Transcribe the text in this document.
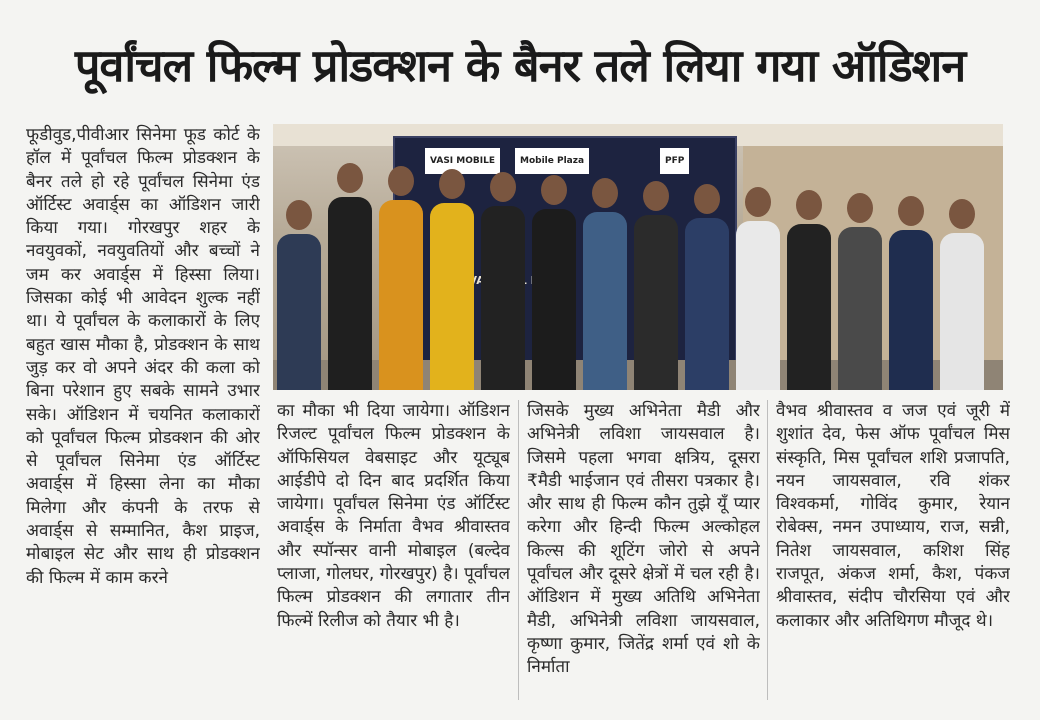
पूर्वांचल फिल्म प्रोडक्शन के बैनर तले लिया गया ऑडिशन
फूडीवुड,पीवीआर सिनेमा फूड कोर्ट के हॉल में पूर्वांचल फिल्म प्रोडक्शन के बैनर तले हो रहे पूर्वांचल सिनेमा एंड ऑर्टिस्ट अवार्ड्स का ऑडिशन जारी किया गया। गोरखपुर शहर के नवयुवकों, नवयुवतियों और बच्चों ने जम कर अवार्ड्स में हिस्सा लिया। जिसका कोई भी आवेदन शुल्क नहीं था। ये पूर्वांचल के कलाकारों के लिए बहुत खास मौका है, प्रोडक्शन के साथ जुड़ कर वो अपने अंदर की कला को बिना परेशान हुए सबके सामने उभार सके। ऑडिशन में चयनित कलाकारों को पूर्वांचल फिल्म प्रोडक्शन की ओर से पूर्वांचल सिनेमा एंड ऑर्टिस्ट अवार्ड्स में हिस्सा लेना का मौका मिलेगा और कंपनी के तरफ से अवार्ड्स से सम्मानित, कैश प्राइज, मोबाइल सेट और साथ ही प्रोडक्शन की फिल्म में काम करने
VASI MOBILE	Mobile Plaza	PFP
का मौका भी दिया जायेगा। ऑडिशन रिजल्ट पूर्वांचल फिल्म प्रोडक्शन के ऑफिसियल वेबसाइट और यूट्यूब आईडीपे दो दिन बाद प्रदर्शित किया जायेगा। पूर्वांचल सिनेमा एंड ऑर्टिस्ट अवार्ड्स के निर्माता वैभव श्रीवास्तव और स्पॉन्सर वानी मोबाइल (बल्देव प्लाजा, गोलघर, गोरखपुर) है। पूर्वांचल फिल्म प्रोडक्शन की लगातार तीन फिल्में रिलीज को तैयार भी है।
जिसके मुख्य अभिनेता मैडी और अभिनेत्री लविशा जायसवाल है। जिसमे पहला भगवा क्षत्रिय, दूसरा ₹मैडी भाईजान एवं तीसरा पत्रकार है। और साथ ही फिल्म कौन तुझे यूँ प्यार करेगा और हिन्दी फिल्म अल्कोहल किल्स की शूटिंग जोरो से अपने पूर्वांचल और दूसरे क्षेत्रों में चल रही है। ऑडिशन में मुख्य अतिथि अभिनेता मैडी, अभिनेत्री लविशा जायसवाल, कृष्णा कुमार, जितेंद्र शर्मा एवं शो के निर्माता
वैभव श्रीवास्तव व जज एवं जूरी में शुशांत देव, फेस ऑफ पूर्वांचल मिस संस्कृति, मिस पूर्वांचल शशि प्रजापति, नयन जायसवाल, रवि शंकर विश्वकर्मा, गोविंद कुमार, रेयान रोबेक्स, नमन उपाध्याय, राज, सन्नी, नितेश जायसवाल, कशिश सिंह राजपूत, अंकज शर्मा, कैश, पंकज श्रीवास्तव, संदीप चौरसिया एवं और कलाकार और अतिथिगण मौजूद थे।
